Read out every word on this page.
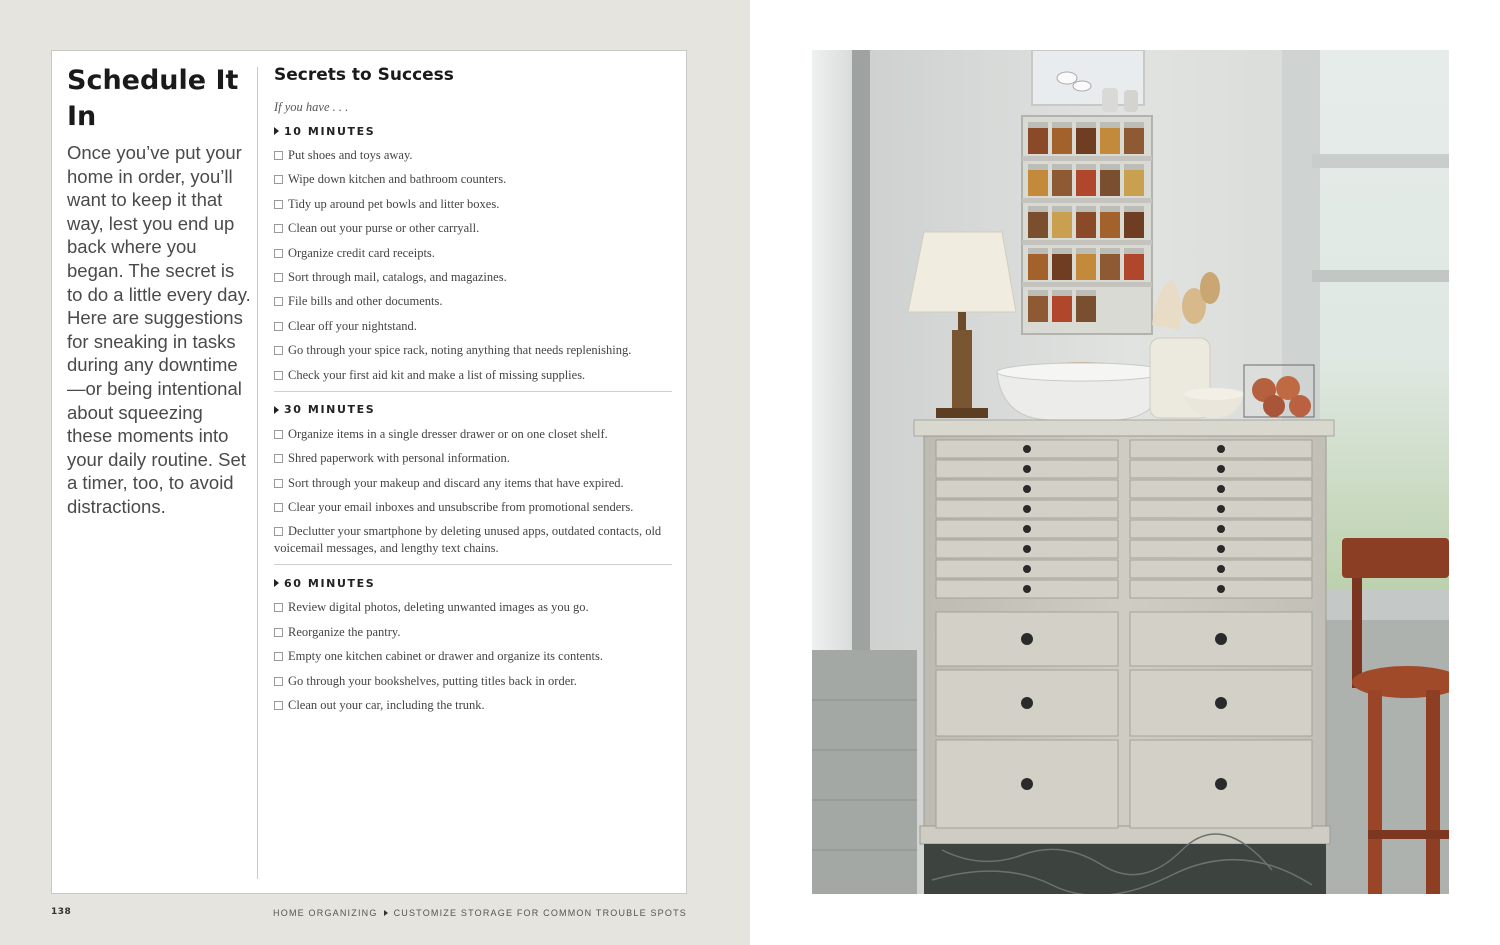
Schedule It In

Once you’ve put your home in order, you’ll want to keep it that way, lest you end up back where you began. The secret is to do a little every day. Here are suggestions for sneaking in tasks during any downtime—or being intentional about squeezing these moments into your daily routine. Set a timer, too, to avoid distractions.

Secrets to Success

If you have . . .

10 MINUTES
Put shoes and toys away.
Wipe down kitchen and bathroom counters.
Tidy up around pet bowls and litter boxes.
Clean out your purse or other carryall.
Organize credit card receipts.
Sort through mail, catalogs, and magazines.
File bills and other documents.
Clear off your nightstand.
Go through your spice rack, noting anything that needs replenishing.
Check your first aid kit and make a list of missing supplies.
30 MINUTES
Organize items in a single dresser drawer or on one closet shelf.
Shred paperwork with personal information.
Sort through your makeup and discard any items that have expired.
Clear your email inboxes and unsubscribe from promotional senders.
Declutter your smartphone by deleting unused apps, outdated contacts, old voicemail messages, and lengthy text chains.
60 MINUTES
Review digital photos, deleting unwanted images as you go.
Reorganize the pantry.
Empty one kitchen cabinet or drawer and organize its contents.
Go through your bookshelves, putting titles back in order.
Clean out your car, including the trunk.
138	HOME ORGANIZING CUSTOMIZE STORAGE FOR COMMON TROUBLE SPOTS
